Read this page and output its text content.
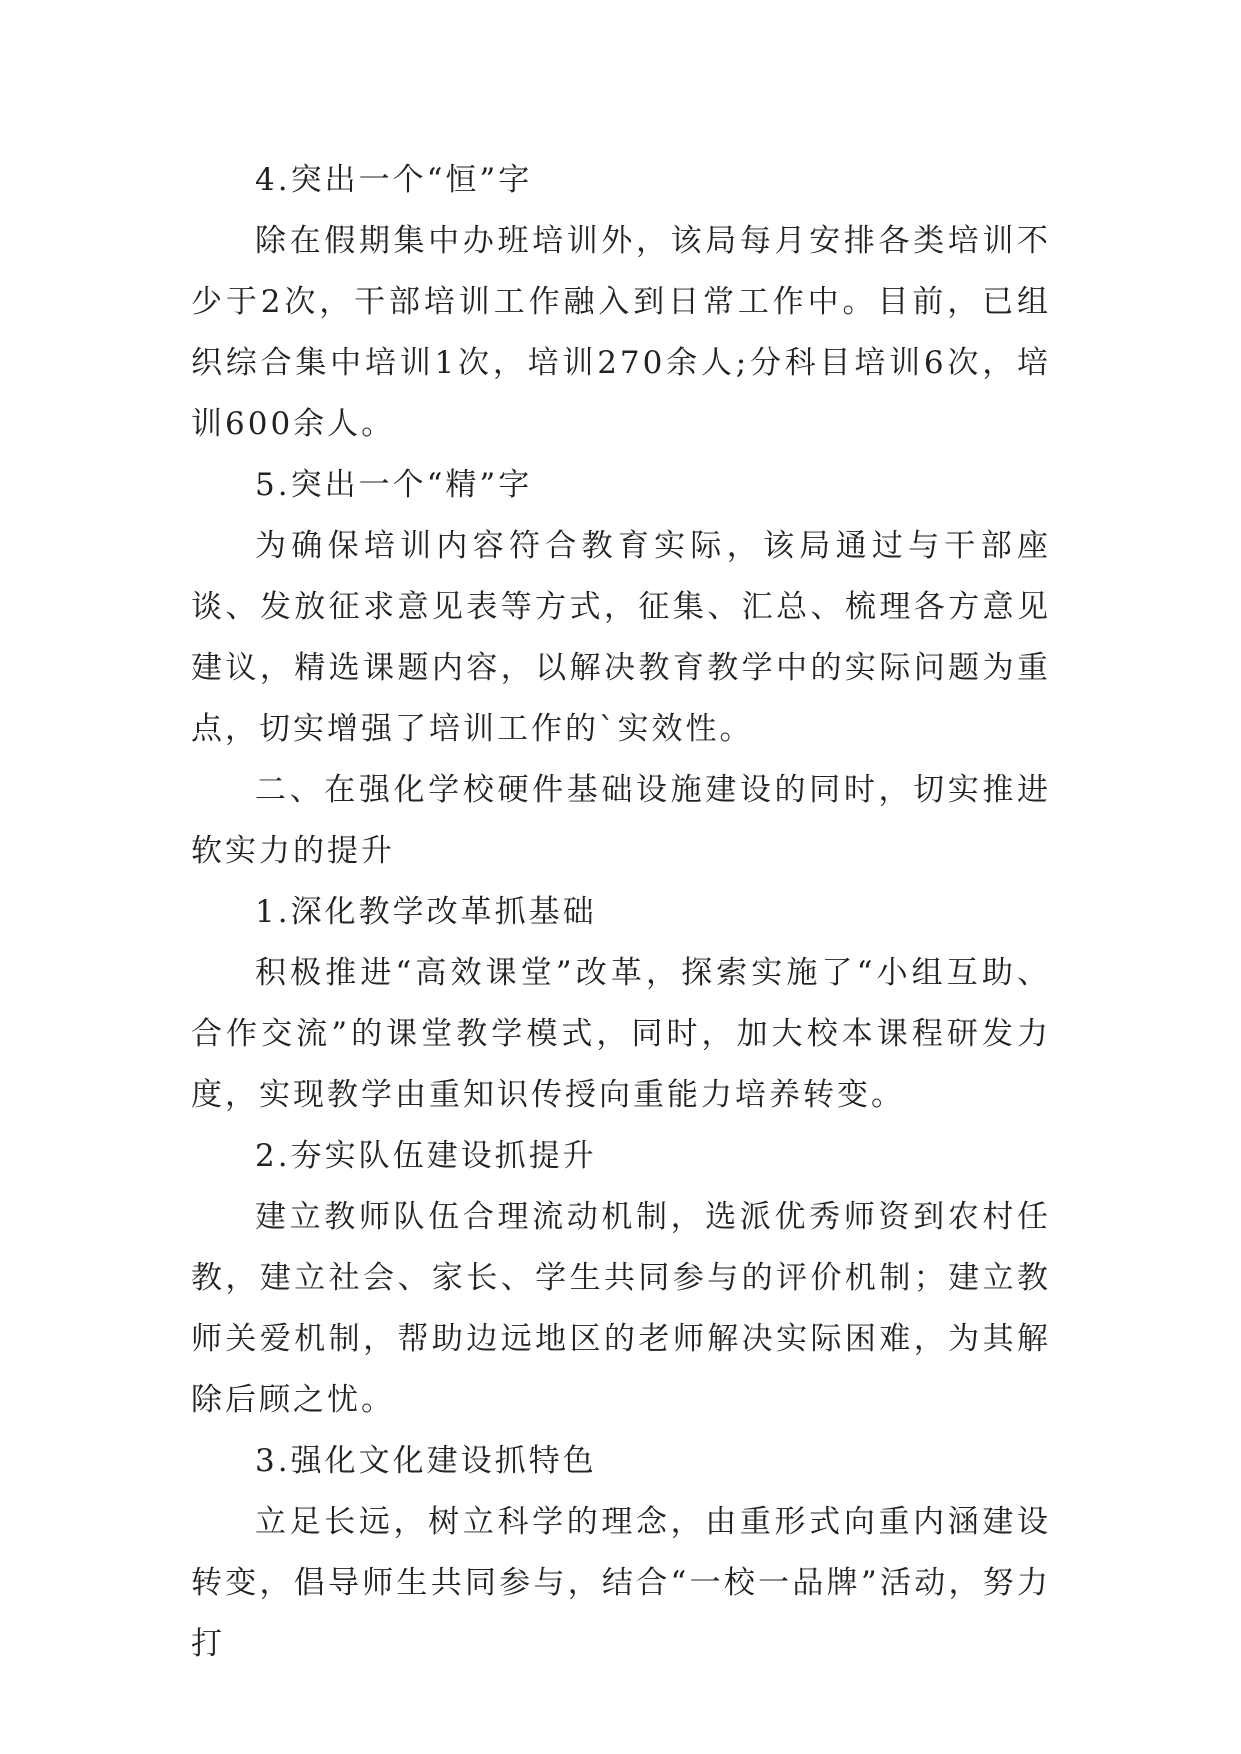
4.突出一个“恒”字

除在假期集中办班培训外，该局每月安排各类培训不少于2次，干部培训工作融入到日常工作中。目前，已组织综合集中培训1次，培训270余人;分科目培训6次，培训600余人。

5.突出一个“精”字

为确保培训内容符合教育实际，该局通过与干部座谈、发放征求意见表等方式，征集、汇总、梳理各方意见建议，精选课题内容，以解决教育教学中的实际问题为重点，切实增强了培训工作的`实效性。

二、在强化学校硬件基础设施建设的同时，切实推进软实力的提升

1.深化教学改革抓基础

积极推进“高效课堂”改革，探索实施了“小组互助、合作交流”的课堂教学模式，同时，加大校本课程研发力度，实现教学由重知识传授向重能力培养转变。

2.夯实队伍建设抓提升

建立教师队伍合理流动机制，选派优秀师资到农村任教，建立社会、家长、学生共同参与的评价机制；建立教师关爱机制，帮助边远地区的老师解决实际困难，为其解除后顾之忧。

3.强化文化建设抓特色

立足长远，树立科学的理念，由重形式向重内涵建设转变，倡导师生共同参与，结合“一校一品牌”活动，努力打
